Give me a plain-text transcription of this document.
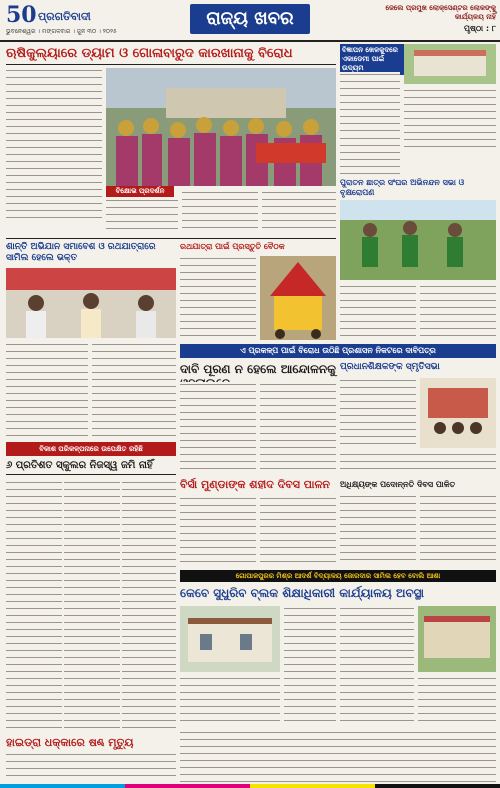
50 ପ୍ରଗତିବାଦୀ
ଭୁବନେଶ୍ୱର । ମଙ୍ଗଳବାର । ଜୁନ ୩୦ । ୨୦୨୫
ରାଜ୍ୟ ଖବର	ଜେଲେ ପ୍ରମୁଖ ଲୋକ୍ସେଣ୍ଟର ଲୋକଙ୍କୁ କାର୍ଯ୍ୟଳୟ ନାହିଁ
ପୃଷ୍ଠା : ୮
ଋଷିକୁଲ୍ୟାରେ ଡ୍ୟାମ ଓ ଗୋଳାବାରୁଦ କାରଖାନାକୁ ବିରୋଧ
ବିକ୍ଷୋଭ ପ୍ରଦର୍ଶନ
ବିଜ୍ଞାପନ ଖେଳକୁଦରେ ଏକାଡେମୀ ପାଇଁ ଉଦ୍ୟମ
ପୁରାତନ ଛାତ୍ର ସଂଘର ଅଭିନନ୍ଦନ ସଭା ଓ ବୃକ୍ଷରୋପଣ
ଶାନ୍ତି ଅଭିଯାନ ସମାବେଶ ଓ ରଥଯାତ୍ରାରେ ସାମିଲ ହେଲେ ଭକ୍ତ
ରଥଯାତ୍ରା ପାଇଁ ପ୍ରସ୍ତୁତି ବୈଠକ
ଏ ପ୍ରକଳ୍ପ ପାଇଁ ବିରୋଧ ଉଠିଛି ପ୍ରଶାସନ ନିକଟରେ ଦାବିପତ୍ର
ଦାବି ପୂରଣ ନ ହେଲେ ଆନ୍ଦୋଳନକୁ ପ୍ରଧାନଶିକ୍ଷକଙ୍କ ସ୍ମୃତିସଭା
ବିକାଶ ପରିକଳ୍ପନାରେ ଉପେକ୍ଷିତ ରହିଛି
୬ ପ୍ରତିଶତ ସ୍କୁଲର ନିଜସ୍ୱ ଜମି ନାହିଁ
ବିର୍ସା ମୁଣ୍ଡାଙ୍କ ଶହୀଦ ଦିବସ ପାଳନ	ଅଧିକ୍ଷ୍ୟଙ୍କ ପଦୋନ୍ନତି ଦିବସ ପାଳିତ
ଗୋପାଳପୁରର ମିଶ୍ର ଆଦର୍ଶ ବିଦ୍ୟାଳୟ ଜୋରଦାର ସାମିଲ ହେବ ବୋଲି ଆଶା
କେବେ ସୁଧୁରିବ ବ୍ଲକ ଶିକ୍ଷାଧିକାରୀ କାର୍ଯ୍ୟାଳୟ ଅବସ୍ଥା
ହାଇଡ୍ରା ଧକ୍କାରେ ଷଣ୍ଢ ମୃତ୍ୟୁ
